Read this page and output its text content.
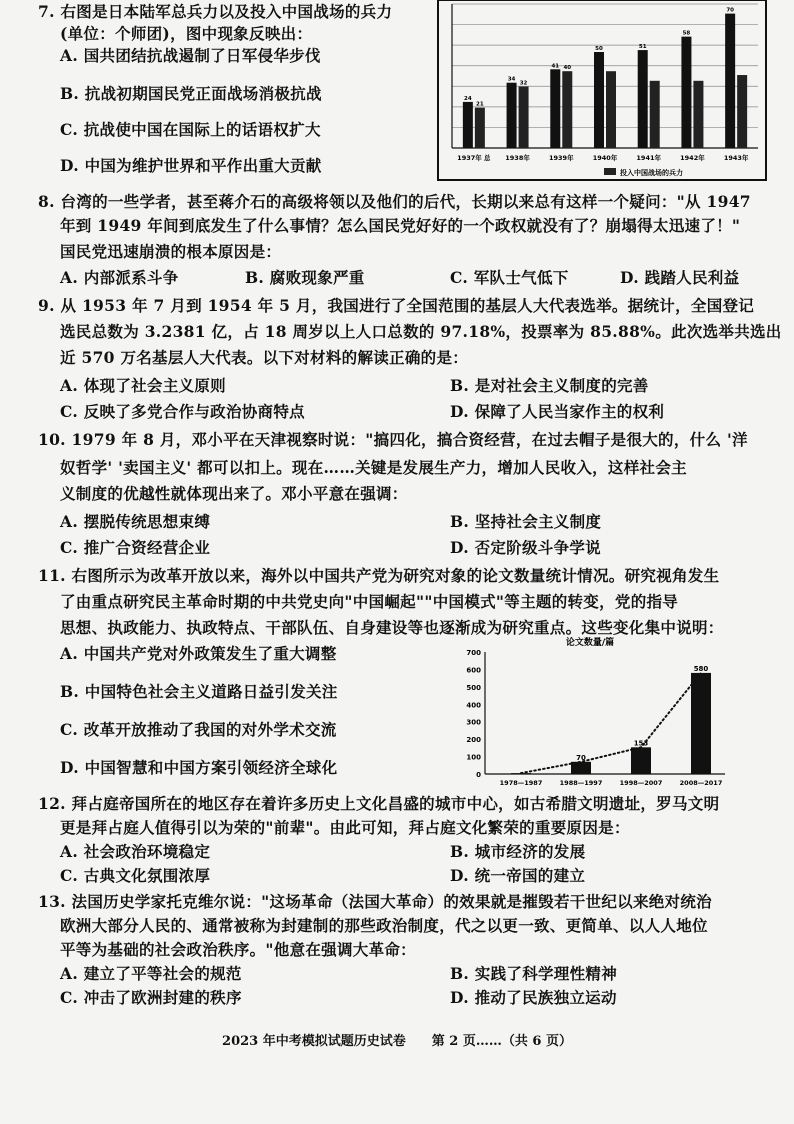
7. 右图是日本陆军总兵力以及投入中国战场的兵力
(单位：个师团)，图中现象反映出：
A. 国共团结抗战遏制了日军侵华步伐
B. 抗战初期国民党正面战场消极抗战
C. 抗战使中国在国际上的话语权扩大
D. 中国为维护世界和平作出重大贡献	1937年 总 1938年	1939年	1940年	1941年	1942年	1943年
24
21
34
32
41 40
50	51
58
70
投入中国战场的兵力
8. 台湾的一些学者，甚至蒋介石的高级将领以及他们的后代，长期以来总有这样一个疑问："从 1947
年到 1949 年间到底发生了什么事情？怎么国民党好好的一个政权就没有了？崩塌得太迅速了！"
国民党迅速崩溃的根本原因是：
A. 内部派系斗争	B. 腐败现象严重	C. 军队士气低下	D. 践踏人民利益
9. 从 1953 年 7 月到 1954 年 5 月，我国进行了全国范围的基层人大代表选举。据统计，全国登记
选民总数为 3.2381 亿，占 18 周岁以上人口总数的 97.18%，投票率为 85.88%。此次选举共选出
近 570 万名基层人大代表。以下对材料的解读正确的是：
A. 体现了社会主义原则	B. 是对社会主义制度的完善
C. 反映了多党合作与政治协商特点	D. 保障了人民当家作主的权利
10. 1979 年 8 月，邓小平在天津视察时说："搞四化，搞合资经营，在过去帽子是很大的，什么 '洋
奴哲学' '卖国主义' 都可以扣上。现在……关键是发展生产力，增加人民收入，这样社会主
义制度的优越性就体现出来了。邓小平意在强调：
A. 摆脱传统思想束缚	B. 坚持社会主义制度
C. 推广合资经营企业	D. 否定阶级斗争学说
11. 右图所示为改革开放以来，海外以中国共产党为研究对象的论文数量统计情况。研究视角发生
了由重点研究民主革命时期的中共党史向"中国崛起""中国模式"等主题的转变，党的指导
思想、执政能力、执政特点、干部队伍、自身建设等也逐渐成为研究重点。这些变化集中说明：
A. 中国共产党对外政策发生了重大调整
B. 中国特色社会主义道路日益引发关注
C. 改革开放推动了我国的对外学术交流
D. 中国智慧和中国方案引领经济全球化
论文数量/篇
0
100
200
300
400
500
600
700
1978—1987
70
1988—1997
153
1998—2007
580
2008—2017
12. 拜占庭帝国所在的地区存在着许多历史上文化昌盛的城市中心，如古希腊文明遗址，罗马文明
更是拜占庭人值得引以为荣的"前辈"。由此可知，拜占庭文化繁荣的重要原因是：
A. 社会政治环境稳定	B. 城市经济的发展
C. 古典文化氛围浓厚	D. 统一帝国的建立
13. 法国历史学家托克维尔说："这场革命（法国大革命）的效果就是摧毁若干世纪以来绝对统治
欧洲大部分人民的、通常被称为封建制的那些政治制度，代之以更一致、更简单、以人人地位
平等为基础的社会政治秩序。"他意在强调大革命：
A. 建立了平等社会的规范	B. 实践了科学理性精神
C. 冲击了欧洲封建的秩序	D. 推动了民族独立运动
2023 年中考模拟试题历史试卷　　第 2 页……（共 6 页）
